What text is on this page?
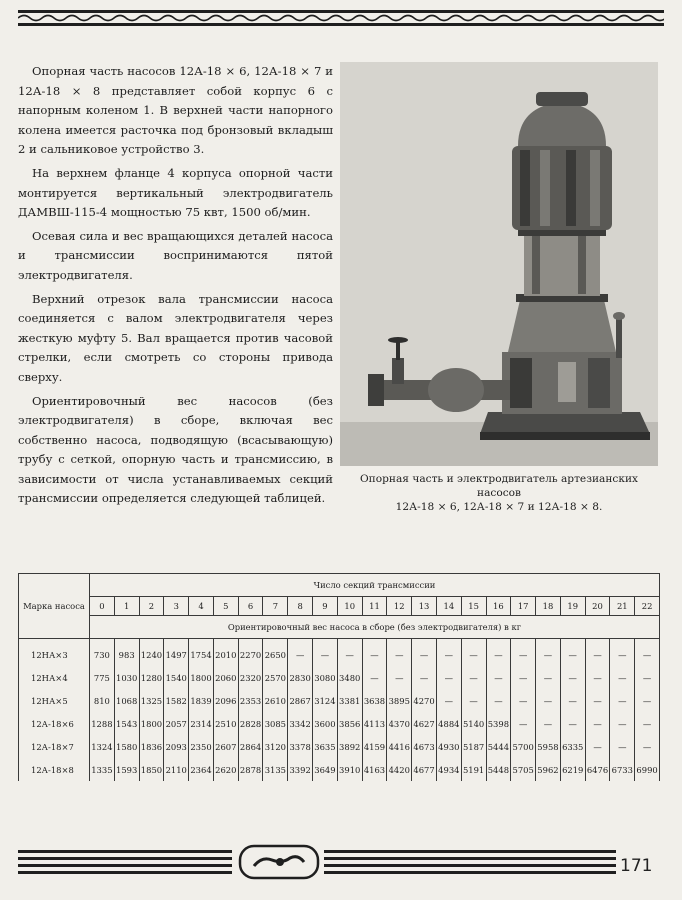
Опорная часть насосов 12А-18 × 6, 12А-18 × 7 и 12А-18 × 8 представляет собой корпус 6 с напорным коленом 1. В верхней части напорного колена имеется расточка под бронзовый вкладыш 2 и сальниковое устройство 3.

На верхнем фланце 4 корпуса опорной части монтируется вертикальный электродвигатель ДАМВШ-115-4 мощностью 75 квт, 1500 об/мин.

Осевая сила и вес вращающихся деталей насоса и трансмиссии воспринимаются пятой электродвигателя.

Верхний отрезок вала трансмиссии насоса соединяется с валом электродвигателя через жесткую муфту 5. Вал вращается против часовой стрелки, если смотреть со стороны привода сверху.

Ориентировочный вес насосов (без электродвигателя) в сборе, включая вес собственно насоса, подводящую (всасывающую) трубу с сеткой, опорную часть и трансмиссию, в зависимости от числа устанавливаемых секций трансмиссии определяется следующей таблицей.

Опорная часть и электродвигатель артезианских насосов
12А-18 × 6, 12А-18 × 7 и 12А-18 × 8.
Марка насоса	Число секций трансмиссии																						
	0	1	2	3	4	5	6	7	8	9	10	11	12	13	14	15	16	17	18	19	20	21	22
	Ориентировочный вес насоса в сборе (без электродвигателя) в кг																						
12НА×3	730	983	1240	1497	1754	2010	2270	2650	—	—	—	—	—	—	—	—	—	—	—	—	—	—	—
12НА×4	775	1030	1280	1540	1800	2060	2320	2570	2830	3080	3480	—	—	—	—	—	—	—	—	—	—	—	—
12НА×5	810	1068	1325	1582	1839	2096	2353	2610	2867	3124	3381	3638	3895	4270	—	—	—	—	—	—	—	—	—
12А-18×6	1288	1543	1800	2057	2314	2510	2828	3085	3342	3600	3856	4113	4370	4627	4884	5140	5398	—	—	—	—	—	—
12А-18×7	1324	1580	1836	2093	2350	2607	2864	3120	3378	3635	3892	4159	4416	4673	4930	5187	5444	5700	5958	6335	—	—	—
12А-18×8	1335	1593	1850	2110	2364	2620	2878	3135	3392	3649	3910	4163	4420	4677	4934	5191	5448	5705	5962	6219	6476	6733	6990
171
